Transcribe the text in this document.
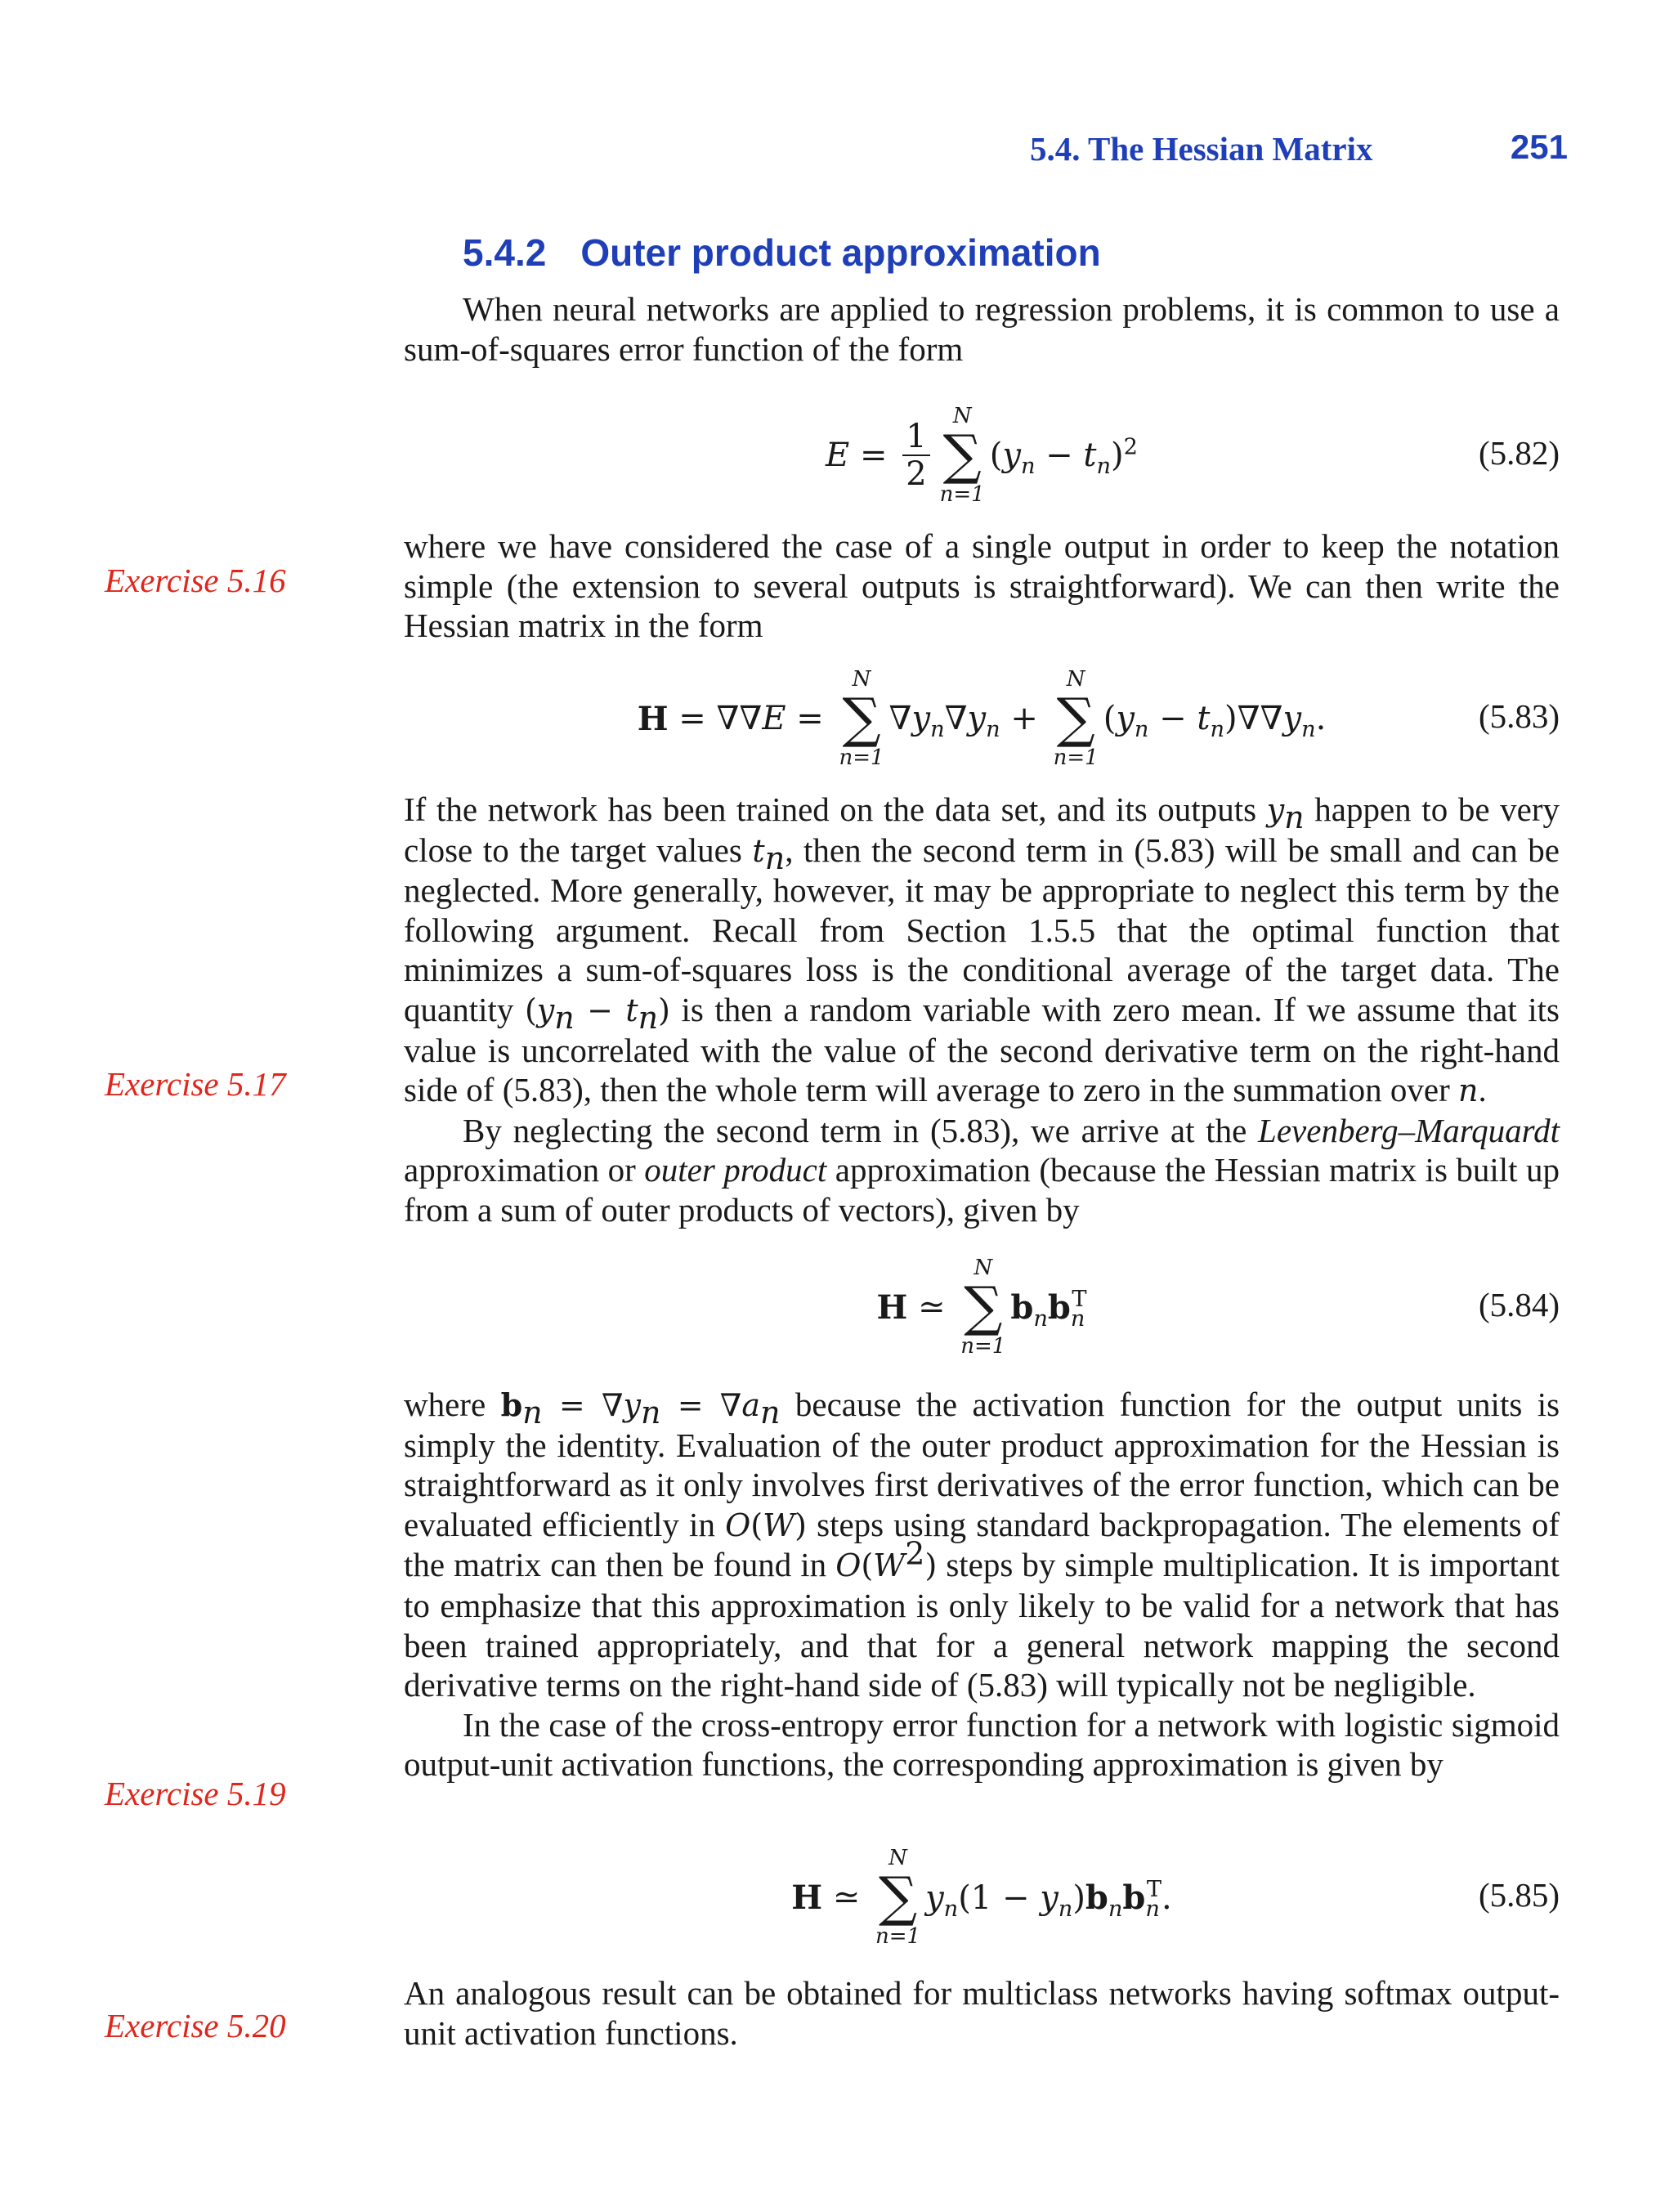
5.4. The Hessian Matrix	251
5.4.2 Outer product approximation
Exercise 5.16
Exercise 5.17
Exercise 5.19
Exercise 5.20

When neural networks are applied to regression problems, it is common to use a sum-of-squares error function of the form

$E = \frac{1}{2}$
N
∑
n=1
$(y_n - t_n)^2$	(5.82)

where we have considered the case of a single output in order to keep the notation simple (the extension to several outputs is straightforward). We can then write the Hessian matrix in the form

H = ∇∇ E =
N
∑
n=1
$\nabla y_n\nabla y_n$ +
N
∑
n=1
$(y_n - t_n)\nabla\nabla y_n$.	(5.83)

If the network has been trained on the data set, and its outputs $y_n$ happen to be very close to the target values $t_n$, then the second term in (5.83) will be small and can be neglected. More generally, however, it may be appropriate to neglect this term by the following argument. Recall from Section 1.5.5 that the optimal function that minimizes a sum-of-squares loss is the conditional average of the target data. The quantity $(y_n - t_n)$ is then a random variable with zero mean. If we assume that its value is uncorrelated with the value of the second derivative term on the right-hand side of (5.83), then the whole term will average to zero in the summation over n.

By neglecting the second term in (5.83), we arrive at the Levenberg–Marquardt approximation or outer product approximation (because the Hessian matrix is built up from a sum of outer products of vectors), given by

H ≃
N
∑
n=1
$b_nb_n^T$	(5.84)

where $b_n = \nabla y_n = \nabla a_n$ because the activation function for the output units is simply the identity. Evaluation of the outer product approximation for the Hessian is straightforward as it only involves first derivatives of the error function, which can be evaluated efficiently in O(W) steps using standard backpropagation. The elements of the matrix can then be found in $O(W^2)$ steps by simple multiplication. It is important to emphasize that this approximation is only likely to be valid for a network that has been trained appropriately, and that for a general network mapping the second derivative terms on the right-hand side of (5.83) will typically not be negligible.

In the case of the cross-entropy error function for a network with logistic sigmoid output-unit activation functions, the corresponding approximation is given by

H ≃
N
∑
n=1
$y_n(1 - y_n)b_nb_n^T$.	(5.85)

An analogous result can be obtained for multiclass networks having softmax output-unit activation functions.
